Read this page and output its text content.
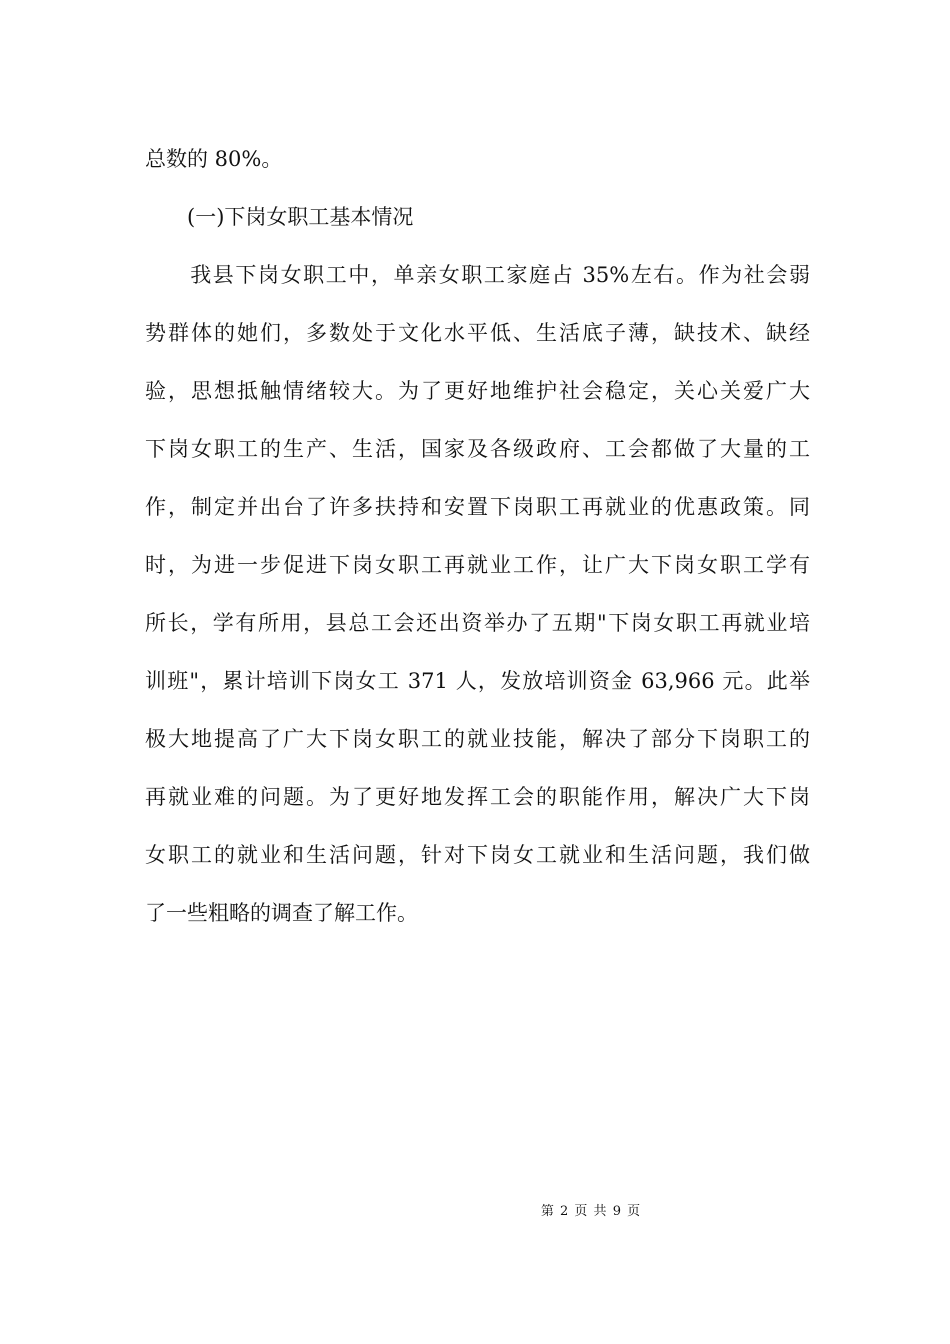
总数的 80%。
　　(一)下岗女职工基本情况
　　我县下岗女职工中，单亲女职工家庭占 35%左右。作为社会弱
势群体的她们，多数处于文化水平低、生活底子薄，缺技术、缺经
验，思想抵触情绪较大。为了更好地维护社会稳定，关心关爱广大
下岗女职工的生产、生活，国家及各级政府、工会都做了大量的工
作，制定并出台了许多扶持和安置下岗职工再就业的优惠政策。同
时，为进一步促进下岗女职工再就业工作，让广大下岗女职工学有
所长，学有所用，县总工会还出资举办了五期"下岗女职工再就业培
训班"，累计培训下岗女工 371 人，发放培训资金 63,966 元。此举
极大地提高了广大下岗女职工的就业技能，解决了部分下岗职工的
再就业难的问题。为了更好地发挥工会的职能作用，解决广大下岗
女职工的就业和生活问题，针对下岗女工就业和生活问题，我们做
了一些粗略的调查了解工作。
第 2 页 共 9 页
